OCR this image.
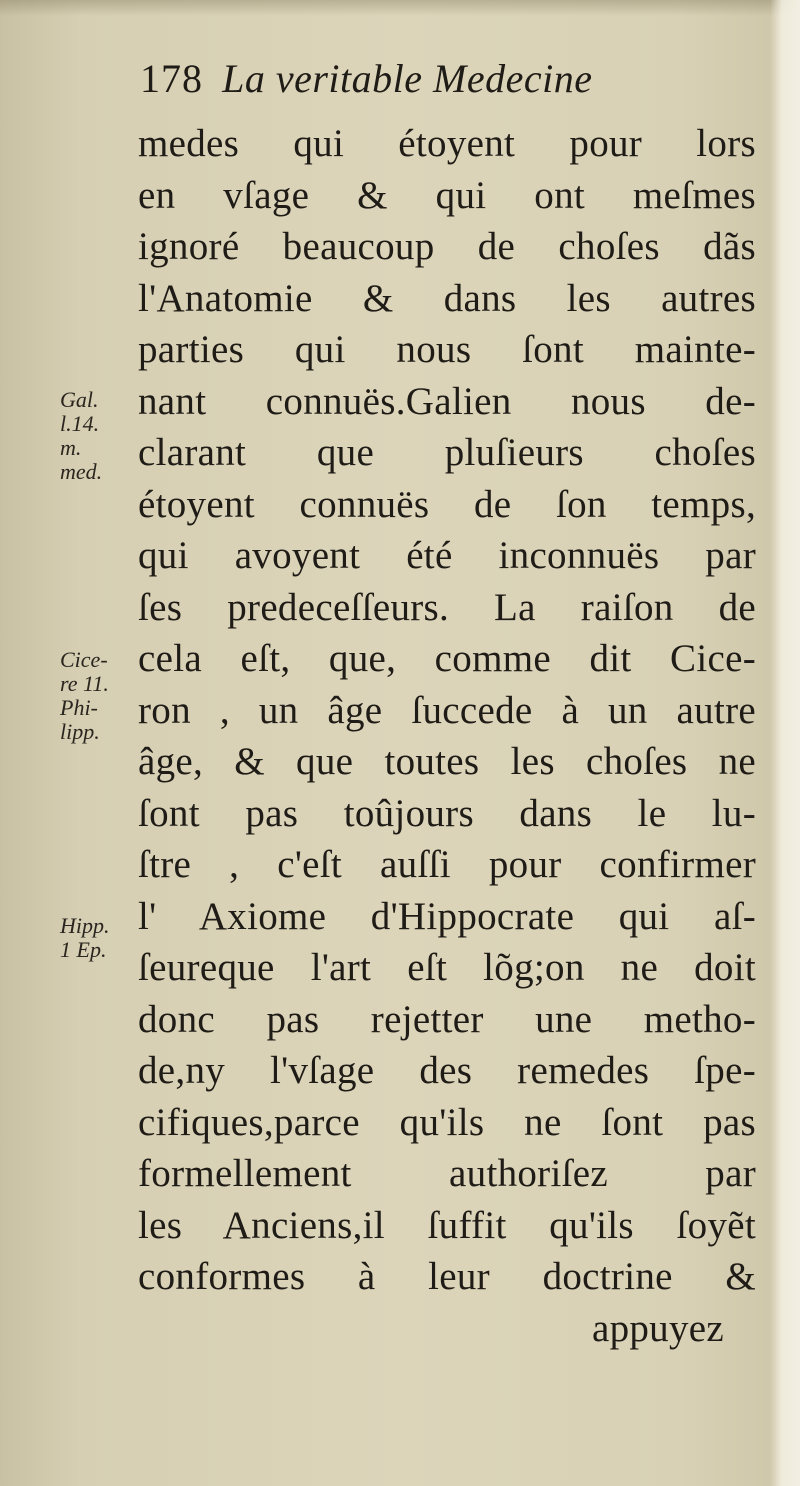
178 La veritable Medecine
medes qui étoyent pour lors
en vſage & qui ont meſmes
ignoré beaucoup de choſes dãs
l'Anatomie & dans les autres
parties qui nous ſont mainte-
nant connuës.Galien nous de-
clarant que pluſieurs choſes
étoyent connuës de ſon temps,
qui avoyent été inconnuës par
ſes predeceſſeurs. La raiſon de
cela eſt, que, comme dit Cice-
ron , un âge ſuccede à un autre
âge, & que toutes les choſes ne
ſont pas toûjours dans le lu-
ſtre , c'eſt auſſi pour confirmer
l' Axiome d'Hippocrate qui aſ-
ſeureque l'art eſt lõg;on ne doit
donc pas rejetter une metho-
de,ny l'vſage des remedes ſpe-
cifiques,parce qu'ils ne ſont pas
formellement authoriſez par
les Anciens,il ſuffit qu'ils ſoyẽt
conformes à leur doctrine &
appuyez
Gal.
l.14.
m.
med.
Cice-
re 11.
Phi-
lipp.
Hipp.
1 Ep.
